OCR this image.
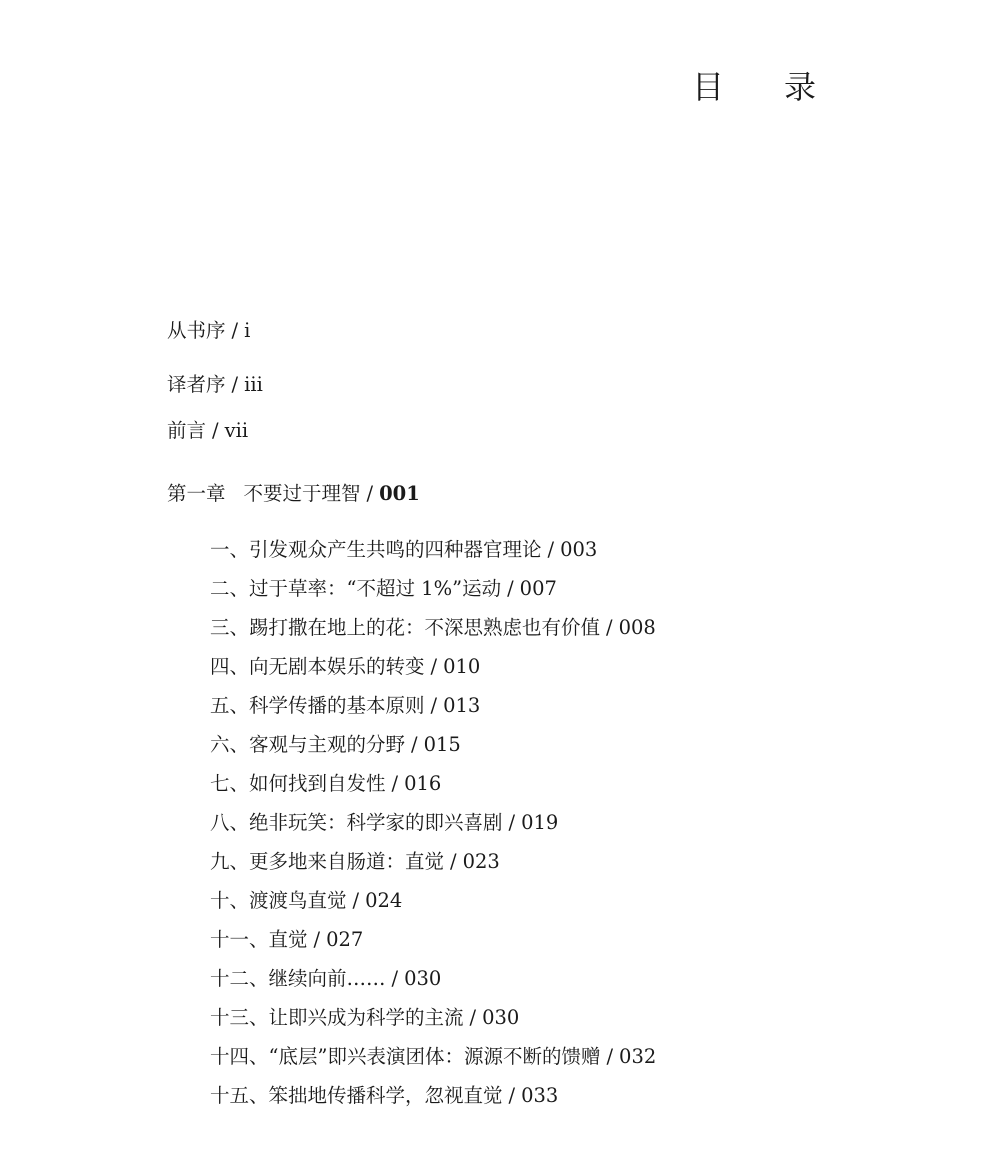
目 录
从书序 / i
译者序 / iii
前言 / vii
第一章 不要过于理智 / 001
一、引发观众产生共鸣的四种器官理论 / 003
二、过于草率：“不超过 1%”运动 / 007
三、踢打撒在地上的花：不深思熟虑也有价值 / 008
四、向无剧本娱乐的转变 / 010
五、科学传播的基本原则 / 013
六、客观与主观的分野 / 015
七、如何找到自发性 / 016
八、绝非玩笑：科学家的即兴喜剧 / 019
九、更多地来自肠道：直觉 / 023
十、渡渡鸟直觉 / 024
十一、直觉 / 027
十二、继续向前…… / 030
十三、让即兴成为科学的主流 / 030
十四、“底层”即兴表演团体：源源不断的馈赠 / 032
十五、笨拙地传播科学，忽视直觉 / 033
